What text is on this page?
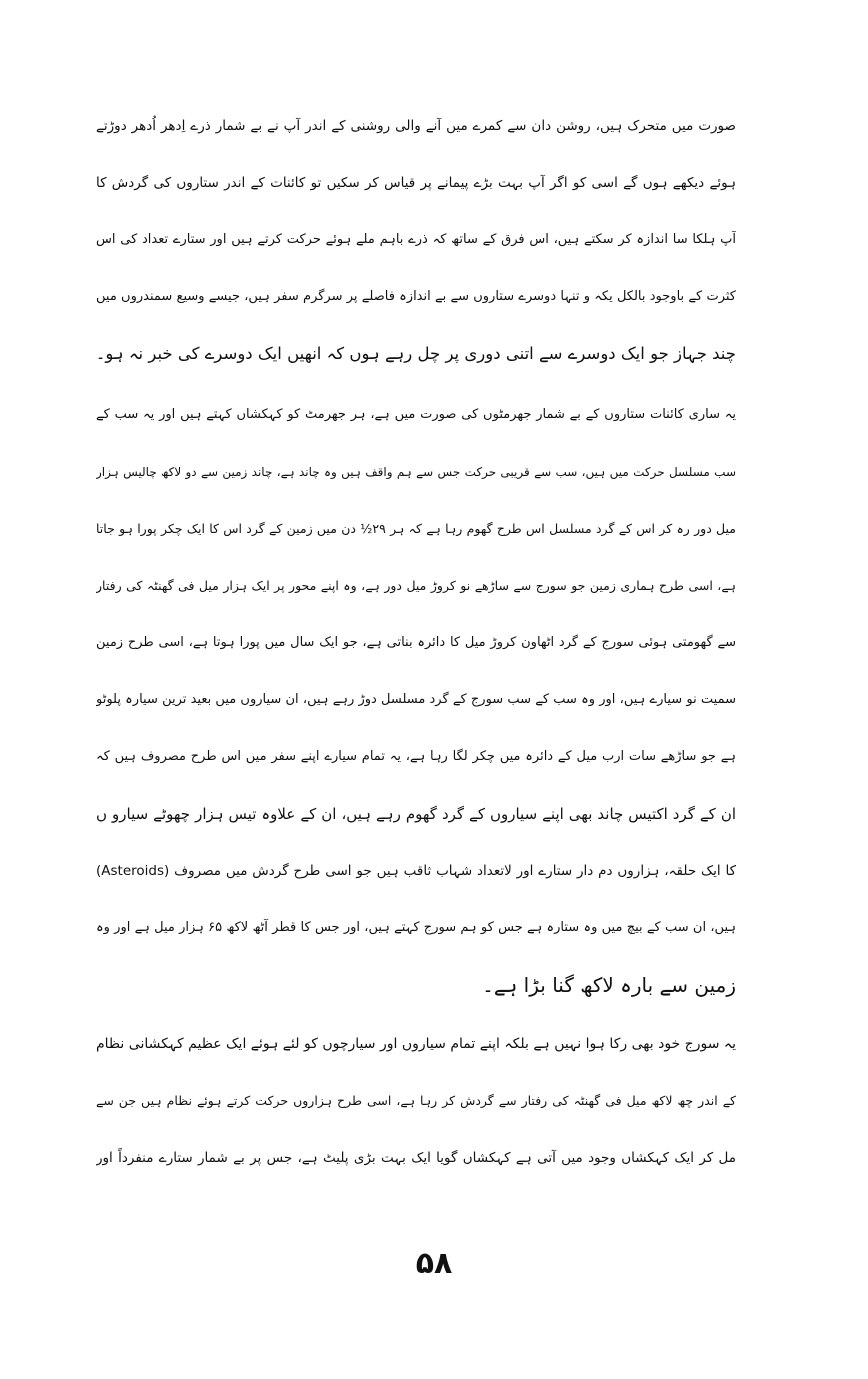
صورت میں متحرک ہیں، روشن دان سے کمرے میں آنے والی روشنی کے اندر آپ نے بے شمار ذرے اِدھر اُدھر دوڑتے
ہوئے دیکھے ہوں گے اسی کو اگر آپ بہت بڑے پیمانے پر قیاس کر سکیں تو کائنات کے اندر ستاروں کی گردش کا
آپ ہلکا سا اندازہ کر سکتے ہیں، اس فرق کے ساتھ کہ ذرے باہم ملے ہوئے حرکت کرتے ہیں اور ستارے تعداد کی اس
کثرت کے باوجود بالکل یکہ و تنہا دوسرے ستاروں سے بے اندازہ فاصلے پر سرگرم سفر ہیں، جیسے وسیع سمندروں میں
چند جہاز جو ایک دوسرے سے اتنی دوری پر چل رہے ہوں کہ انھیں ایک دوسرے کی خبر نہ ہو۔
یہ ساری کائنات ستاروں کے بے شمار جھرمٹوں کی صورت میں ہے، ہر جھرمٹ کو کہکشاں کہتے ہیں اور یہ سب کے
سب مسلسل حرکت میں ہیں، سب سے قریبی حرکت جس سے ہم واقف ہیں وہ چاند ہے، چاند زمین سے دو لاکھ چالیس ہزار
میل دور رہ کر اس کے گرد مسلسل اس طرح گھوم رہا ہے کہ ہر ۲۹½ دن میں زمین کے گرد اس کا ایک چکر پورا ہو جاتا
ہے، اسی طرح ہماری زمین جو سورج سے ساڑھے نو کروڑ میل دور ہے، وہ اپنے محور پر ایک ہزار میل فی گھنٹہ کی رفتار
سے گھومتی ہوئی سورج کے گرد اٹھاون کروڑ میل کا دائرہ بناتی ہے، جو ایک سال میں پورا ہوتا ہے، اسی طرح زمین
سمیت نو سیارے ہیں، اور وہ سب کے سب سورج کے گرد مسلسل دوڑ رہے ہیں، ان سیاروں میں بعید ترین سیارہ پلوٹو
ہے جو ساڑھے سات ارب میل کے دائرہ میں چکر لگا رہا ہے، یہ تمام سیارے اپنے سفر میں اس طرح مصروف ہیں کہ
ان کے گرد اکتیس چاند بھی اپنے سیاروں کے گرد گھوم رہے ہیں، ان کے علاوہ تیس ہزار چھوٹے سیارو ں
(Asteroids) کا ایک حلقہ، ہزاروں دم دار ستارے اور لاتعداد شہاب ثاقب ہیں جو اسی طرح گردش میں مصروف
ہیں، ان سب کے بیچ میں وہ ستارہ ہے جس کو ہم سورج کہتے ہیں، اور جس کا قطر آٹھ لاکھ ۶۵ ہزار میل ہے اور وہ
زمین سے بارہ لاکھ گنا بڑا ہے۔
یہ سورج خود بھی رکا ہوا نہیں ہے بلکہ اپنے تمام سیاروں اور سیارچوں کو لئے ہوئے ایک عظیم کہکشانی نظام
کے اندر چھ لاکھ میل فی گھنٹہ کی رفتار سے گردش کر رہا ہے، اسی طرح ہزاروں حرکت کرتے ہوئے نظام ہیں جن سے
مل کر ایک کہکشاں وجود میں آتی ہے کہکشاں گویا ایک بہت بڑی پلیٹ ہے، جس پر بے شمار ستارے منفرداً اور
۵۸
